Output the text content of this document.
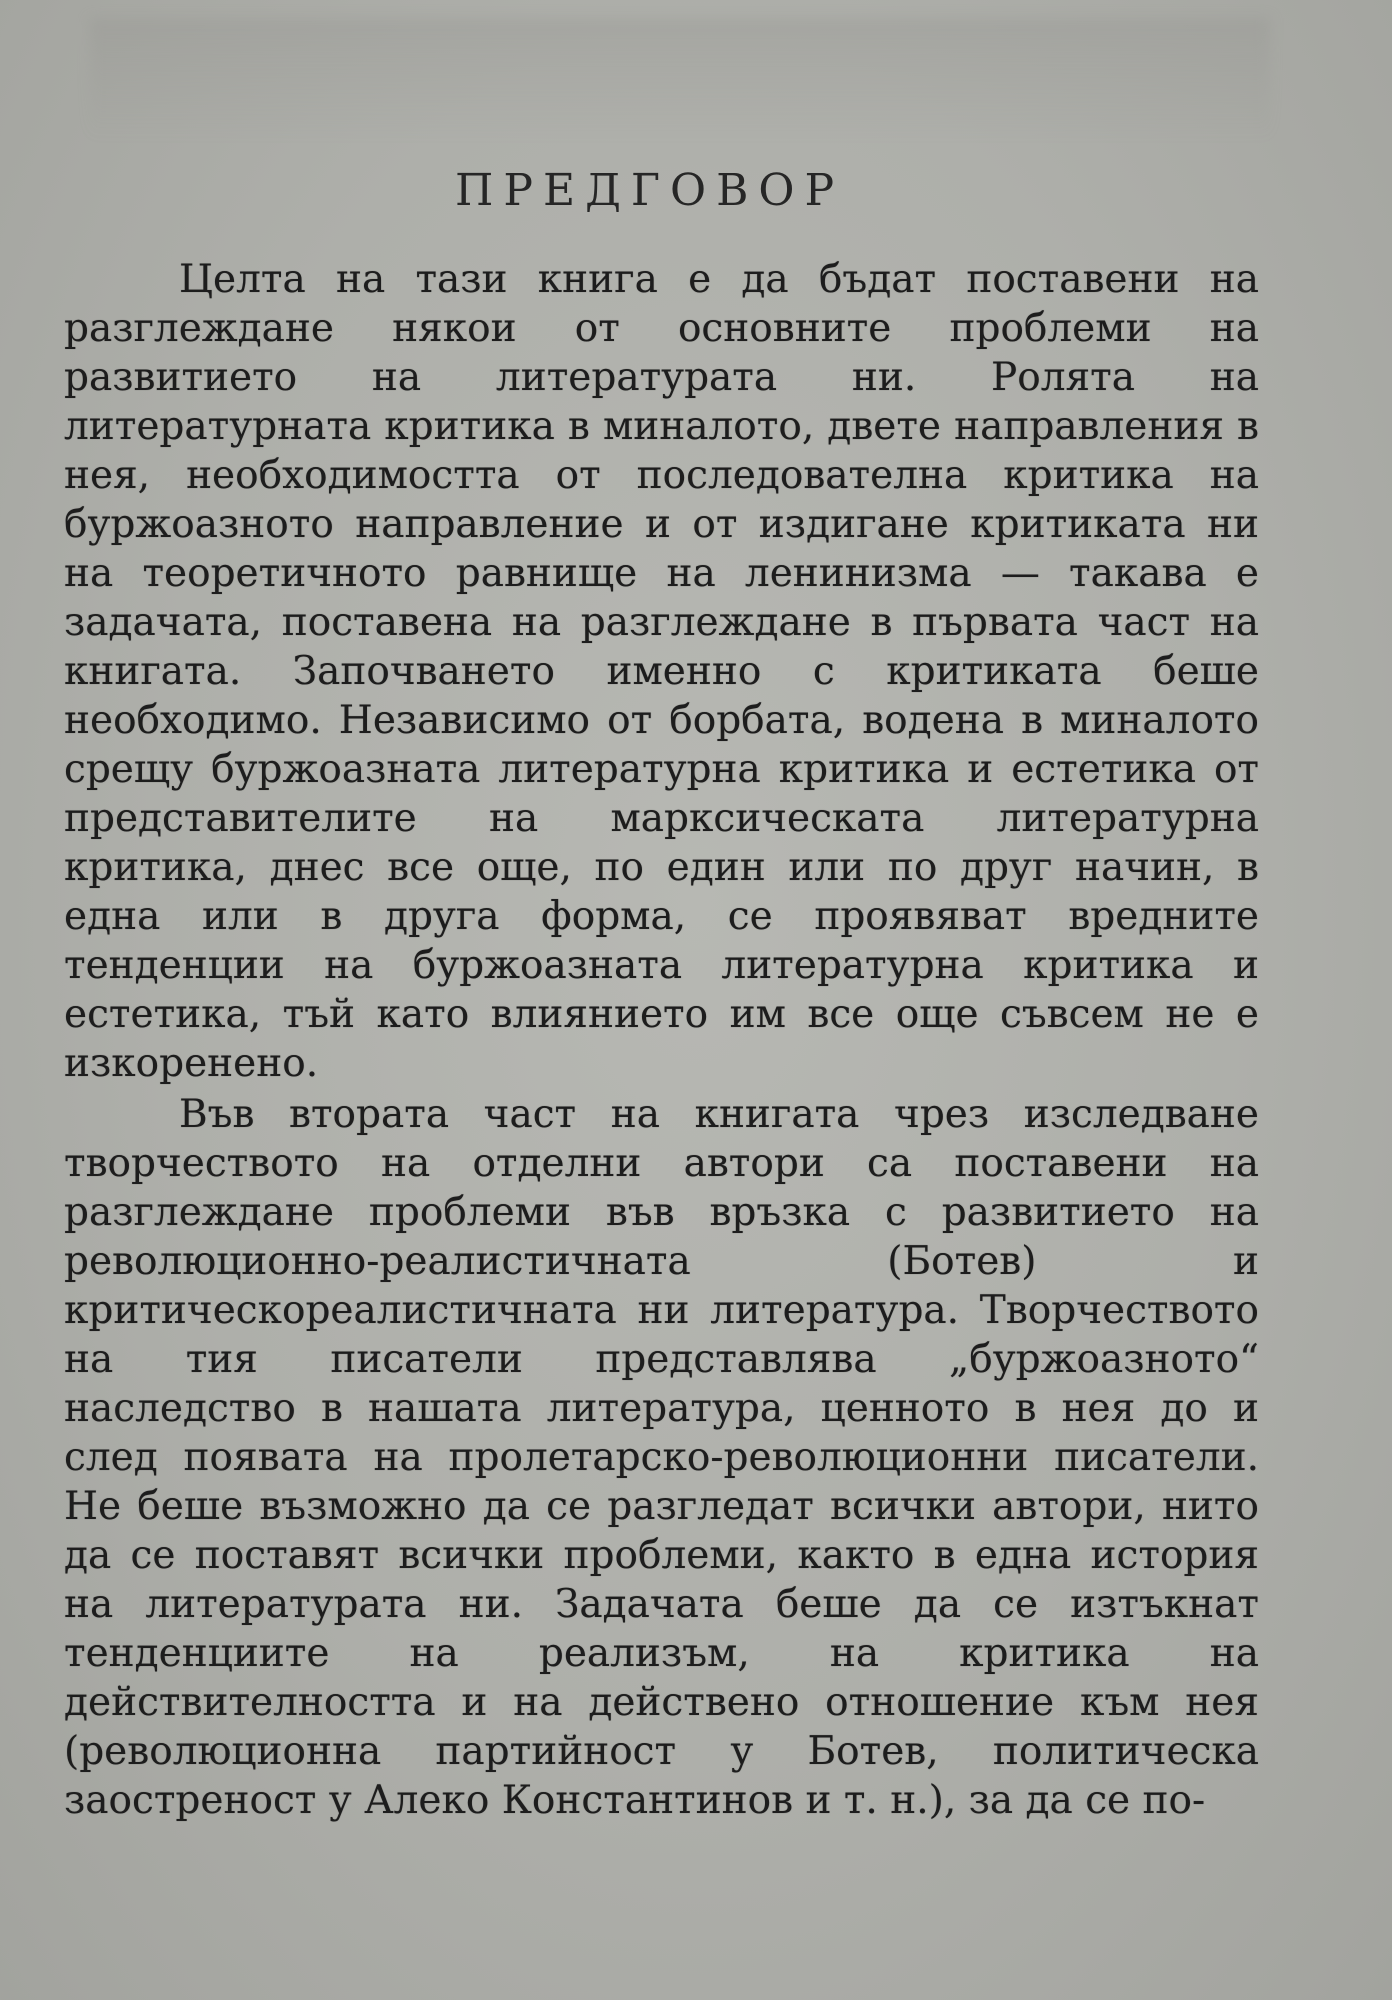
ПРЕДГОВОР

Целта на тази книга е да бъдат поставени на разглеждане някои от основните проблеми на развитието на литературата ни. Ролята на литературната критика в миналото, двете направления в нея, необходимостта от последователна критика на буржоазното направление и от издигане критиката ни на теоретичното равнище на ленинизма — такава е задачата, поставена на разглеждане в първата част на книгата. Започването именно с критиката беше необходимо. Независимо от борбата, водена в миналото срещу буржоазната литературна критика и естетика от представителите на марксическата литературна критика, днес все още, по един или по друг начин, в една или в друга форма, се проявяват вредните тенденции на буржоазната литературна критика и естетика, тъй като влиянието им все още съвсем не е изкоренено.

Във втората част на книгата чрез изследване творчеството на отделни автори са поставени на разглеждане проблеми във връзка с развитието на революционно-реалистичната (Ботев) и критическореалистичната ни литература. Творчеството на тия писатели представлява „буржоазното“ наследство в нашата литература, ценното в нея до и след появата на пролетарско-революционни писатели. Не беше възможно да се разгледат всички автори, нито да се поставят всички проблеми, както в една история на литературата ни. Задачата беше да се изтъкнат тенденциите на реализъм, на критика на действителността и на действено отношение към нея (революционна партийност у Ботев, политическа заостреност у Алеко Константинов и т. н.), за да се по-
